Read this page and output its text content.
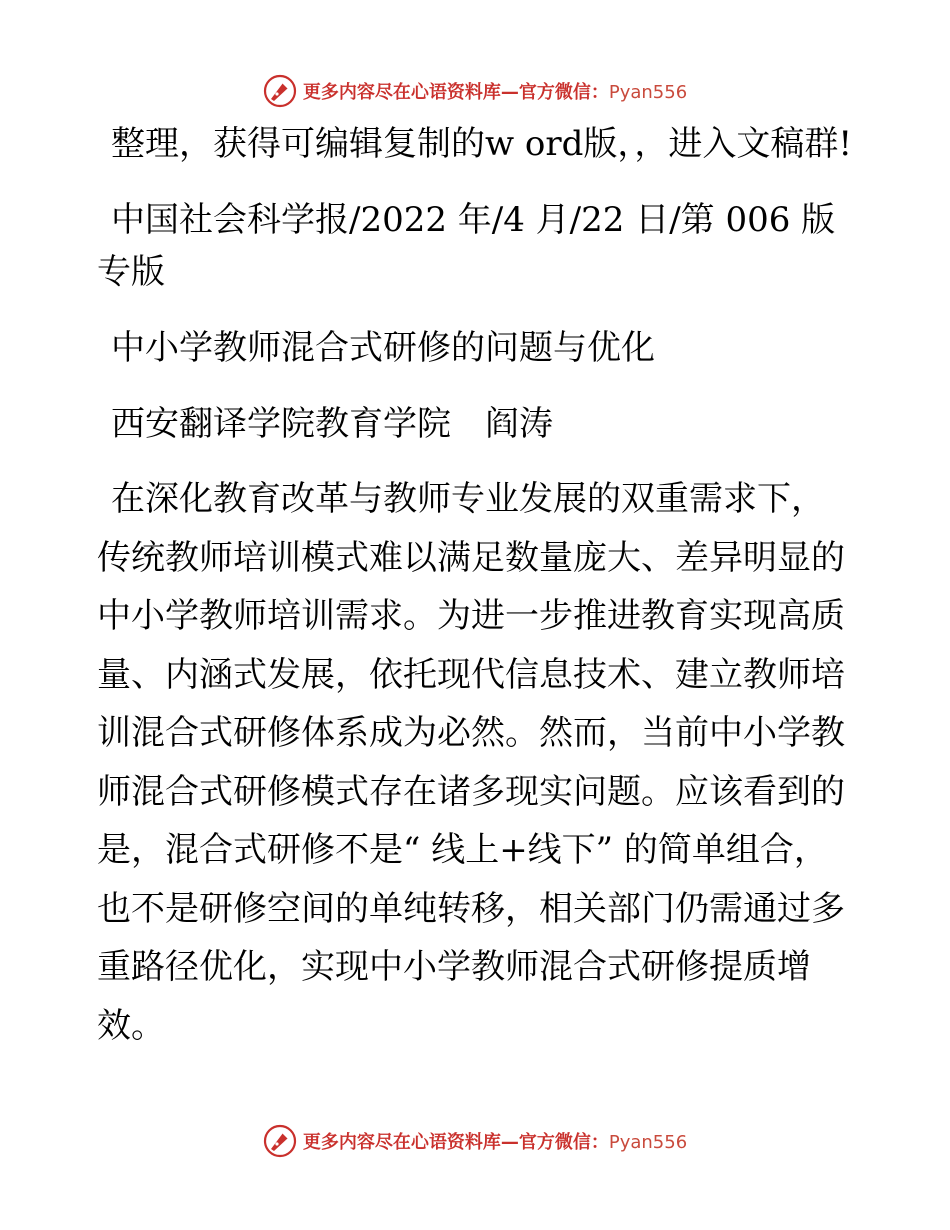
更多内容尽在心语资料库—官方微信：Pyan556

整理，获得可编辑复制的w ord版，，进入文稿群!

中国社会科学报/2022 年/4 月/22 日/第 006 版专版

中小学教师混合式研修的问题与优化

西安翻译学院教育学院　阎涛

在深化教育改革与教师专业发展的双重需求下，传统教师培训模式难以满足数量庞大、差异明显的中小学教师培训需求。为进一步推进教育实现高质量、内涵式发展，依托现代信息技术、建立教师培训混合式研修体系成为必然。然而，当前中小学教师混合式研修模式存在诸多现实问题。应该看到的是，混合式研修不是“ 线上+线下” 的简单组合，也不是研修空间的单纯转移，相关部门仍需通过多重路径优化，实现中小学教师混合式研修提质增效。

更多内容尽在心语资料库—官方微信：Pyan556
